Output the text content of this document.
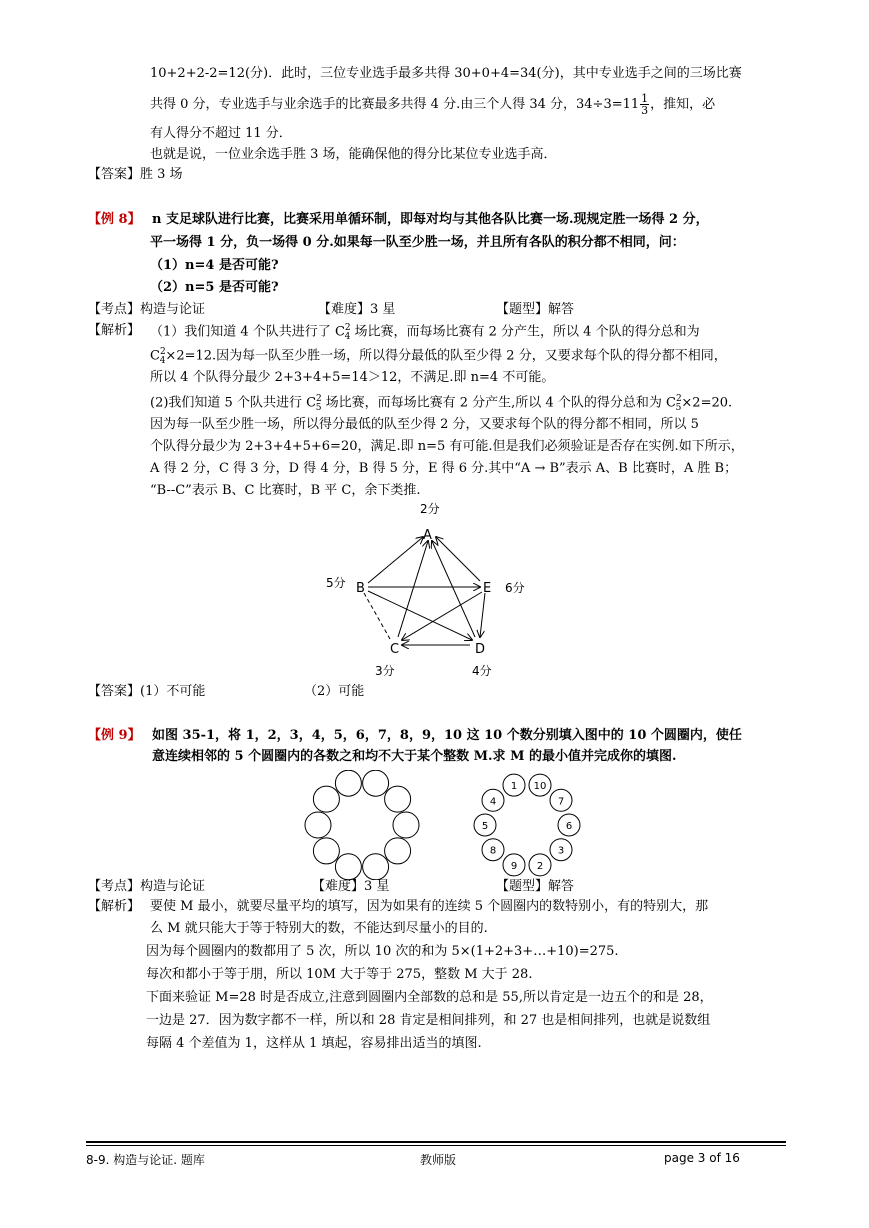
10+2+2-2=12(分)．此时，三位专业选手最多共得 30+0+4=34(分)，其中专业选手之间的三场比赛
共得 0 分，专业选手与业余选手的比赛最多共得 4 分.由三个人得 34 分，$34\div 3=11 \frac{1}{3}$ ，推知，必
有人得分不超过 11 分．
也就是说，一位业余选手胜 3 场，能确保他的得分比某位专业选手高．
【答案】胜 3 场
【例 8】 n 支足球队进行比赛，比赛采用单循环制，即每对均与其他各队比赛一场.现规定胜一场得 2 分，
平一场得 1 分，负一场得 0 分.如果每一队至少胜一场，并且所有各队的积分都不相同，问：
（1）n=4 是否可能?
（2）n=5 是否可能?
【考点】构造与论证	【难度】3 星	【题型】解答
【解析】 （1）我们知道 4 个队共进行了 $C^2_4$ 场比赛，而每场比赛有 2 分产生，所以 4 个队的得分总和为
$C^2_4\times 2=12$.因为每一队至少胜一场，所以得分最低的队至少得 2 分，又要求每个队的得分都不相同，
所以 4 个队得分最少 2+3+4+5=14＞12，不满足.即 n=4 不可能。
(2)我们知道 5 个队共进行 $C^2_5$ 场比赛，而每场比赛有 2 分产生,所以 4 个队的得分总和为 $C^2_5\times 2=20$.
因为每一队至少胜一场，所以得分最低的队至少得 2 分，又要求每个队的得分都不相同，所以 5
个队得分最少为 2+3+4+5+6=20，满足.即 n=5 有可能.但是我们必须验证是否存在实例.如下所示，
A 得 2 分，C 得 3 分，D 得 4 分，B 得 5 分，E 得 6 分.其中“A → B”表示 A、B 比赛时，A 胜 B；
“B--C”表示 B、C 比赛时，B 平 C，余下类推.
A
B
C	D
E
2分
5分
3分	4分
6分
【答案】(1）不可能	（2）可能
【例 9】 如图 35-1，将 1，2，3，4，5，6，7，8，9，10 这 10 个数分别填入图中的 10 个圆圈内，使任
意连续相邻的 5 个圆圈内的各数之和均不大于某个整数 M.求 M 的最小值并完成你的填图.
1 10
7
6
3
2
9
8
5
4
【考点】构造与论证	【难度】3 星	【题型】解答
【解析】 要使 M 最小，就要尽量平均的填写，因为如果有的连续 5 个圆圈内的数特别小，有的特别大，那
么 M 就只能大于等于特别大的数，不能达到尽量小的目的.
因为每个圆圈内的数都用了 5 次，所以 10 次的和为 5×(1+2+3+…+10)=275.
每次和都小于等于朋，所以 10M 大于等于 275，整数 M 大于 28.
下面来验证 M=28 时是否成立,注意到圆圈内全部数的总和是 55,所以肯定是一边五个的和是 28，
一边是 27．因为数字都不一样，所以和 28 肯定是相间排列，和 27 也是相间排列，也就是说数组
每隔 4 个差值为 1，这样从 1 填起，容易排出适当的填图.
8-9. 构造与论证. 题库	教师版	page 3 of 16
